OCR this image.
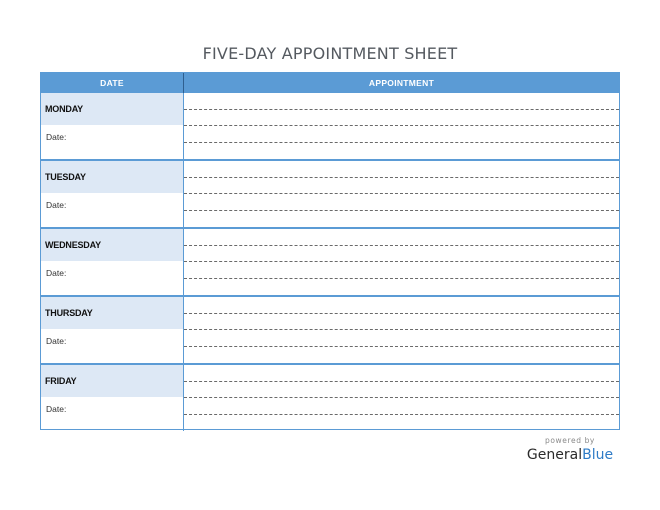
FIVE-DAY APPOINTMENT SHEET
DATE	APPOINTMENT

MONDAY
Date:	

TUESDAY
Date:	

WEDNESDAY
Date:	

THURSDAY
Date:	

FRIDAY
Date:	

powered by
GeneralBlue
